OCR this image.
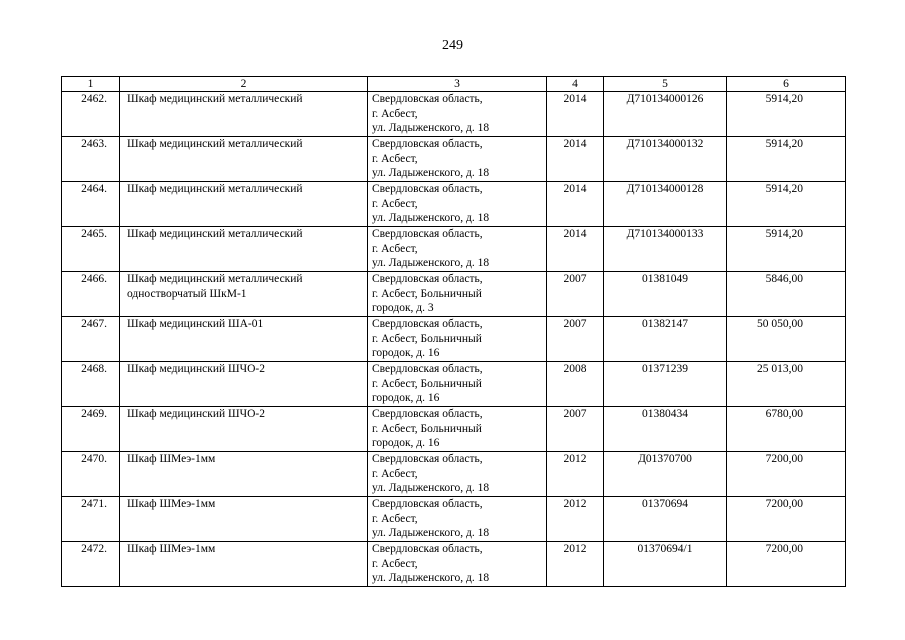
249
1	2	3	4	5	6
2462.	Шкаф медицинский металлический	Свердловская область,
г. Асбест,
ул. Ладыженского, д. 18	2014	Д710134000126	5914,20
2463.	Шкаф медицинский металлический	Свердловская область,
г. Асбест,
ул. Ладыженского, д. 18	2014	Д710134000132	5914,20
2464.	Шкаф медицинский металлический	Свердловская область,
г. Асбест,
ул. Ладыженского, д. 18	2014	Д710134000128	5914,20
2465.	Шкаф медицинский металлический	Свердловская область,
г. Асбест,
ул. Ладыженского, д. 18	2014	Д710134000133	5914,20
2466.	Шкаф медицинский металлический
одностворчатый ШкМ-1	Свердловская область,
г. Асбест, Больничный
городок, д. 3	2007	01381049	5846,00
2467.	Шкаф медицинский ША-01	Свердловская область,
г. Асбест, Больничный
городок, д. 16	2007	01382147	50 050,00
2468.	Шкаф медицинский ШЧО-2	Свердловская область,
г. Асбест, Больничный
городок, д. 16	2008	01371239	25 013,00
2469.	Шкаф медицинский ШЧО-2	Свердловская область,
г. Асбест, Больничный
городок, д. 16	2007	01380434	6780,00
2470.	Шкаф ШМеэ-1мм	Свердловская область,
г. Асбест,
ул. Ладыженского, д. 18	2012	Д01370700	7200,00
2471.	Шкаф ШМеэ-1мм	Свердловская область,
г. Асбест,
ул. Ладыженского, д. 18	2012	01370694	7200,00
2472.	Шкаф ШМеэ-1мм	Свердловская область,
г. Асбест,
ул. Ладыженского, д. 18	2012	01370694/1	7200,00
